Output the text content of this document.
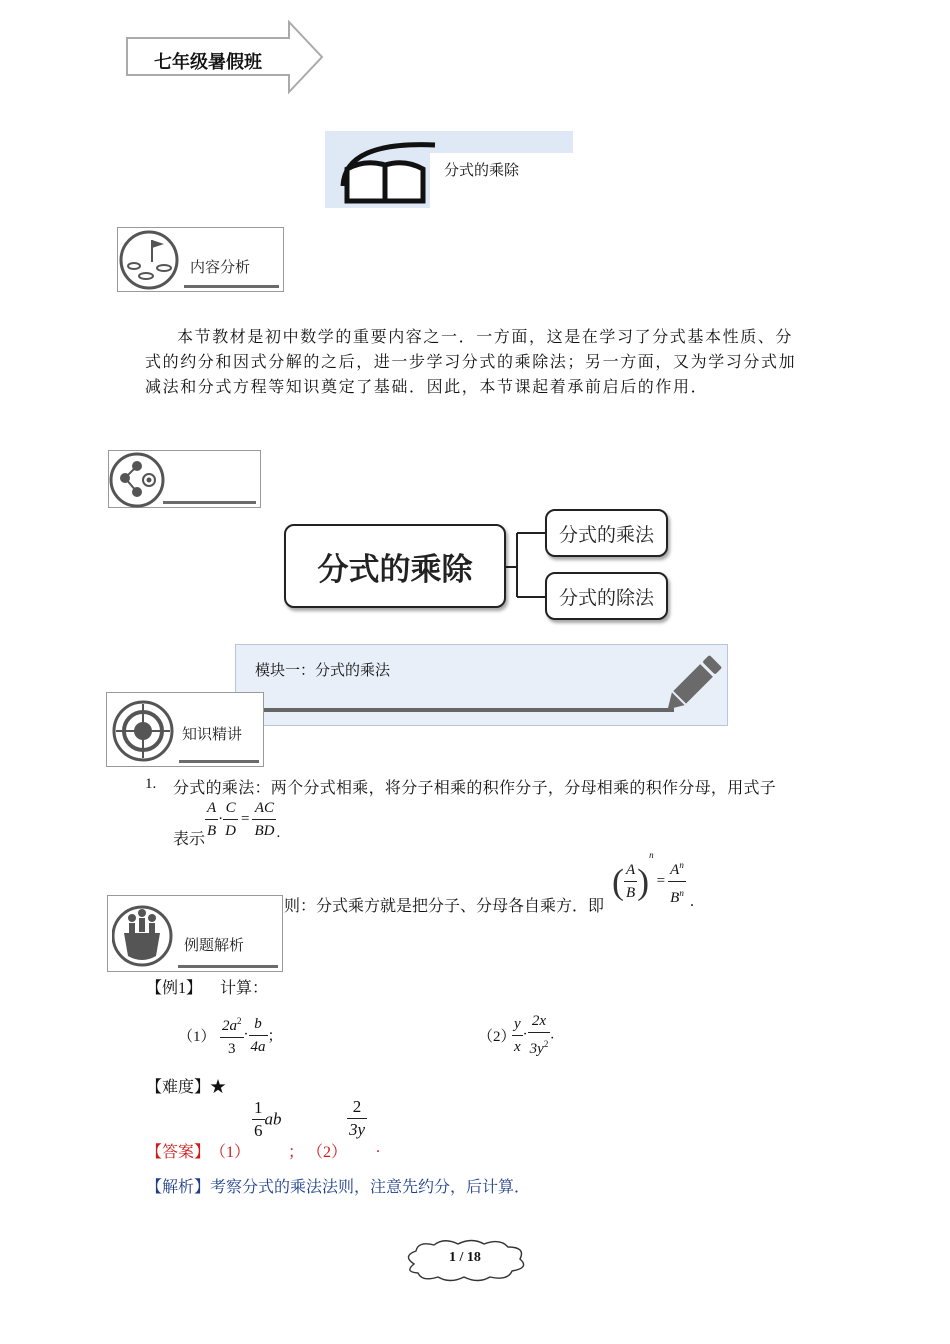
七年级暑假班
分式的乘除
内容分析
本节教材是初中数学的重要内容之一．一方面，这是在学习了分式基本性质、分式的约分和因式分解的之后，进一步学习分式的乘除法；另一方面，又为学习分式加减法和分式方程等知识奠定了基础．因此，本节课起着承前启后的作用．
分式的乘除
分式的乘法
分式的除法
模块一：分式的乘法
知识精讲
1. 分式的乘法：两个分式相乘，将分子相乘的积作分子，分母相乘的积作分母，用式子
表示 $\frac{A}{B} \cdot \frac{C}{D} = \frac{AC}{BD}$ .
则：分式乘方就是把分子、分母各自乘方．即
( $\frac{A}{B} )^n= \frac{A^n}{B^n}$ .
例题解析
【例1】 计算：
$(1) \frac{2a^2}{3} \cdot \frac{b}{4a}$ ；	（2）
$\frac{y}{x} \cdot \frac{2x}{3y^2}$ .
【难度】★
【答案】 （1）
$\frac{1}{6}$ ab
； （2）
$\frac{2}{3y}$
.
【解析】考察分式的乘法法则，注意先约分，后计算．
1 / 18
